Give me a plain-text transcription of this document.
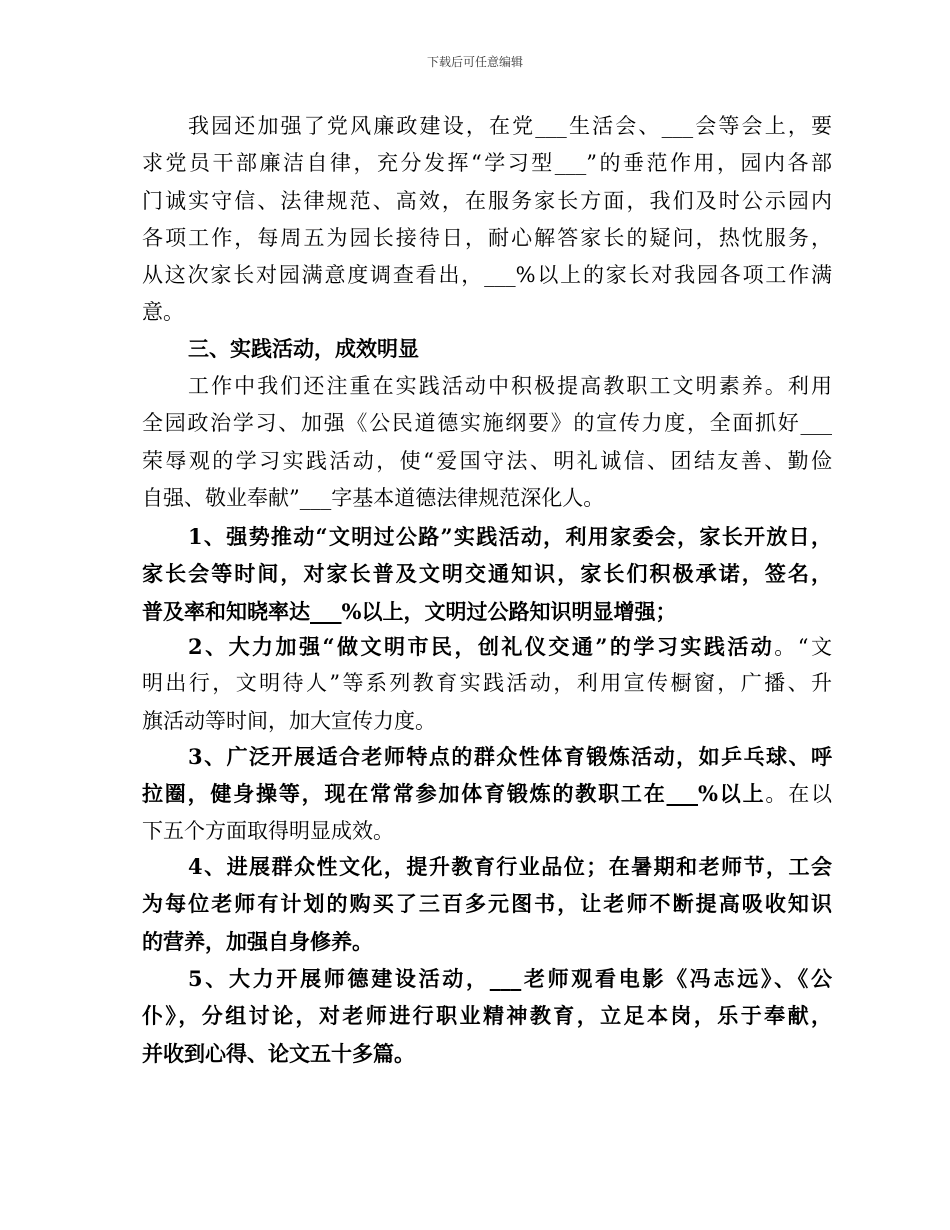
下载后可任意编辑
我园还加强了党风廉政建设，在党___生活会、___会等会上，要
求党员干部廉洁自律，充分发挥“学习型___”的垂范作用，园内各部
门诚实守信、法律规范、高效，在服务家长方面，我们及时公示园内
各项工作，每周五为园长接待日，耐心解答家长的疑问，热忱服务，
从这次家长对园满意度调查看出，___%以上的家长对我园各项工作满
意。
三、实践活动，成效明显
工作中我们还注重在实践活动中积极提高教职工文明素养。利用
全园政治学习、加强《公民道德实施纲要》的宣传力度，全面抓好___
荣辱观的学习实践活动，使“爱国守法、明礼诚信、团结友善、勤俭
自强、敬业奉献”___字基本道德法律规范深化人。
1、强势推动“文明过公路”实践活动，利用家委会，家长开放日，
家长会等时间，对家长普及文明交通知识，家长们积极承诺，签名，
普及率和知晓率达___%以上，文明过公路知识明显增强；
2、大力加强“做文明市民，创礼仪交通”的学习实践活动。“文
明出行，文明待人”等系列教育实践活动，利用宣传橱窗，广播、升
旗活动等时间，加大宣传力度。
3、广泛开展适合老师特点的群众性体育锻炼活动，如乒乓球、呼
拉圈，健身操等，现在常常参加体育锻炼的教职工在___%以上。在以
下五个方面取得明显成效。
4、进展群众性文化，提升教育行业品位；在暑期和老师节，工会
为每位老师有计划的购买了三百多元图书，让老师不断提高吸收知识
的营养，加强自身修养。
5、大力开展师德建设活动，___老师观看电影《冯志远》、《公
仆》，分组讨论，对老师进行职业精神教育，立足本岗，乐于奉献，
并收到心得、论文五十多篇。
